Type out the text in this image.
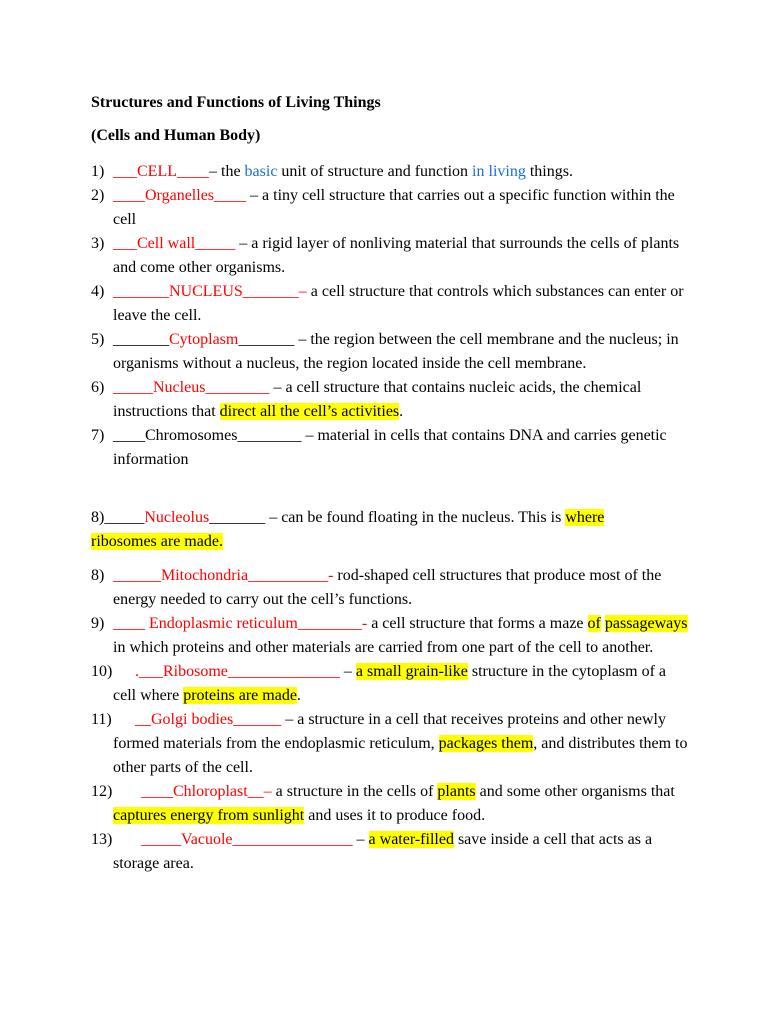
Structures and Functions of Living Things
(Cells and Human Body)
1) ___CELL____– the basic unit of structure and function in living things.
2) ____Organelles____ – a tiny cell structure that carries out a specific function within the cell
3) ___Cell wall_____ – a rigid layer of nonliving material that surrounds the cells of plants and come other organisms.
4) _______NUCLEUS_______– a cell structure that controls which substances can enter or leave the cell.
5) _______Cytoplasm_______ – the region between the cell membrane and the nucleus; in organisms without a nucleus, the region located inside the cell membrane.
6) _____Nucleus________ – a cell structure that contains nucleic acids, the chemical instructions that direct all the cell’s activities.
7) ____Chromosomes________ – material in cells that contains DNA and carries genetic information
8)_____Nucleolus_______ – can be found floating in the nucleus. This is where
ribosomes are made.
8) ______Mitochondria__________- rod-shaped cell structures that produce most of the energy needed to carry out the cell’s functions.
9) ____ Endoplasmic reticulum________- a cell structure that forms a maze of passageways in which proteins and other materials are carried from one part of the cell to another.
10) .___Ribosome______________ – a small grain-like structure in the cytoplasm of a cell where proteins are made.
11) __Golgi bodies______ – a structure in a cell that receives proteins and other newly formed materials from the endoplasmic reticulum, packages them, and distributes them to other parts of the cell.
12) ____Chloroplast__– a structure in the cells of plants and some other organisms that captures energy from sunlight and uses it to produce food.
13) _____Vacuole_______________ – a water-filled save inside a cell that acts as a storage area.
